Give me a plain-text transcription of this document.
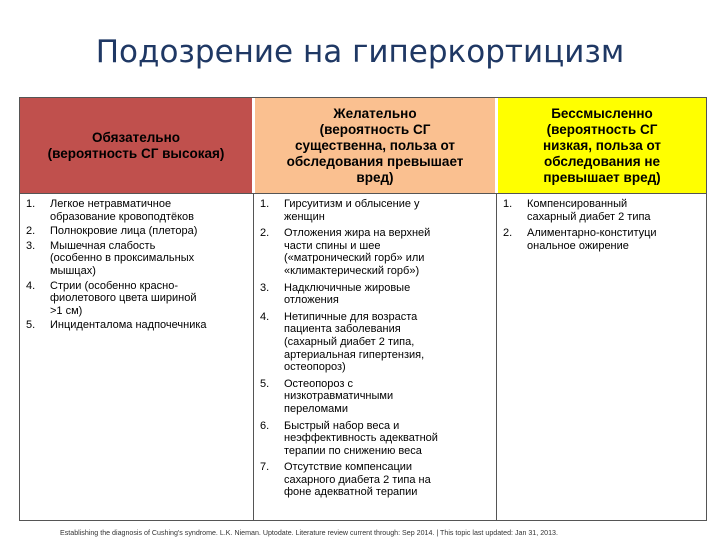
Подозрение на гиперкортицизм
Обязательно
(вероятность СГ высокая)
Желательно
(вероятность СГ
существенна, польза от
обследования превышает
вред)
Бессмысленно
(вероятность СГ
низкая, польза от
обследования не
превышает вред)
1. Легкое нетравматичное
образование кровоподтёков
2. Полнокровие лица (плетора)
3. Мышечная слабость
(особенно в проксимальных
мышцах)
4. Стрии (особенно красно-
фиолетового цвета шириной
>1 см)
5. Инциденталома надпочечника
1. Гирсуитизм и облысение у
женщин
2. Отложения жира на верхней
части спины и шее
(«матронический горб» или
«климактерический горб»)
3. Надключичные жировые
отложения
4. Нетипичные для возраста
пациента заболевания
(сахарный диабет 2 типа,
артериальная гипертензия,
остеопороз)
5. Остеопороз с
низкотравматичными
переломами
6. Быстрый набор веса и
неэффективность адекватной
терапии по снижению веса
7. Отсутствие компенсации
сахарного диабета 2 типа на
фоне адекватной терапии
1. Компенсированный
сахарный диабет 2 типа
2. Алиментарно-конституци
ональное ожирение
Establishing the diagnosis of Cushing's syndrome. L.K. Nieman. Uptodate. Literature review current through: Sep 2014. | This topic last updated: Jan 31, 2013.
